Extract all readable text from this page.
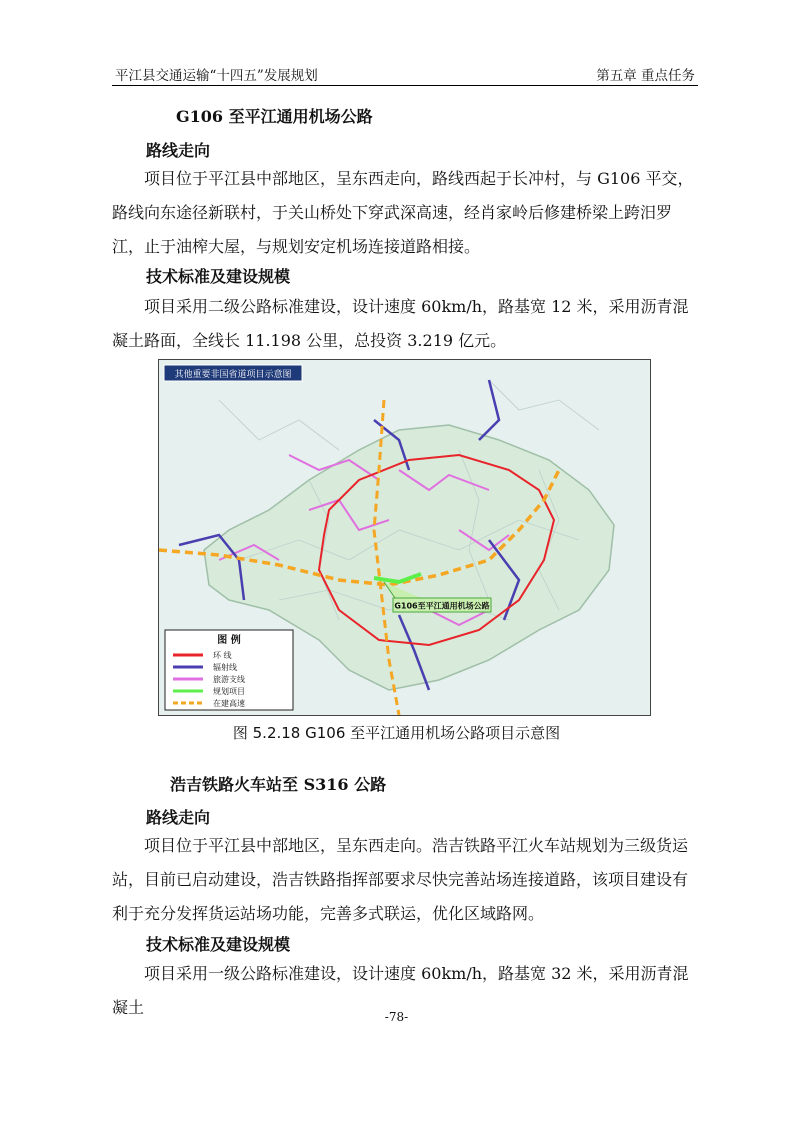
平江县交通运输“十四五”发展规划	第五章 重点任务
G106 至平江通用机场公路
路线走向

项目位于平江县中部地区，呈东西走向，路线西起于长冲村，与 G106 平交，路线向东途径新联村，于关山桥处下穿武深高速，经肖家岭后修建桥梁上跨汨罗江，止于油榨大屋，与规划安定机场连接道路相接。

技术标准及建设规模

项目采用二级公路标准建设，设计速度 60km/h，路基宽 12 米，采用沥青混凝土路面，全线长 11.198 公里，总投资 3.219 亿元。

其他重要非国省道项目示意图
G106至平江通用机场公路
图 例
环 线
辐射线
旅游支线
规划项目
在建高速
图 5.2.18 G106 至平江通用机场公路项目示意图
浩吉铁路火车站至 S316 公路
路线走向

项目位于平江县中部地区，呈东西走向。浩吉铁路平江火车站规划为三级货运站，目前已启动建设，浩吉铁路指挥部要求尽快完善站场连接道路，该项目建设有利于充分发挥货运站场功能，完善多式联运，优化区域路网。

技术标准及建设规模

项目采用一级公路标准建设，设计速度 60km/h，路基宽 32 米，采用沥青混凝土	-78-
